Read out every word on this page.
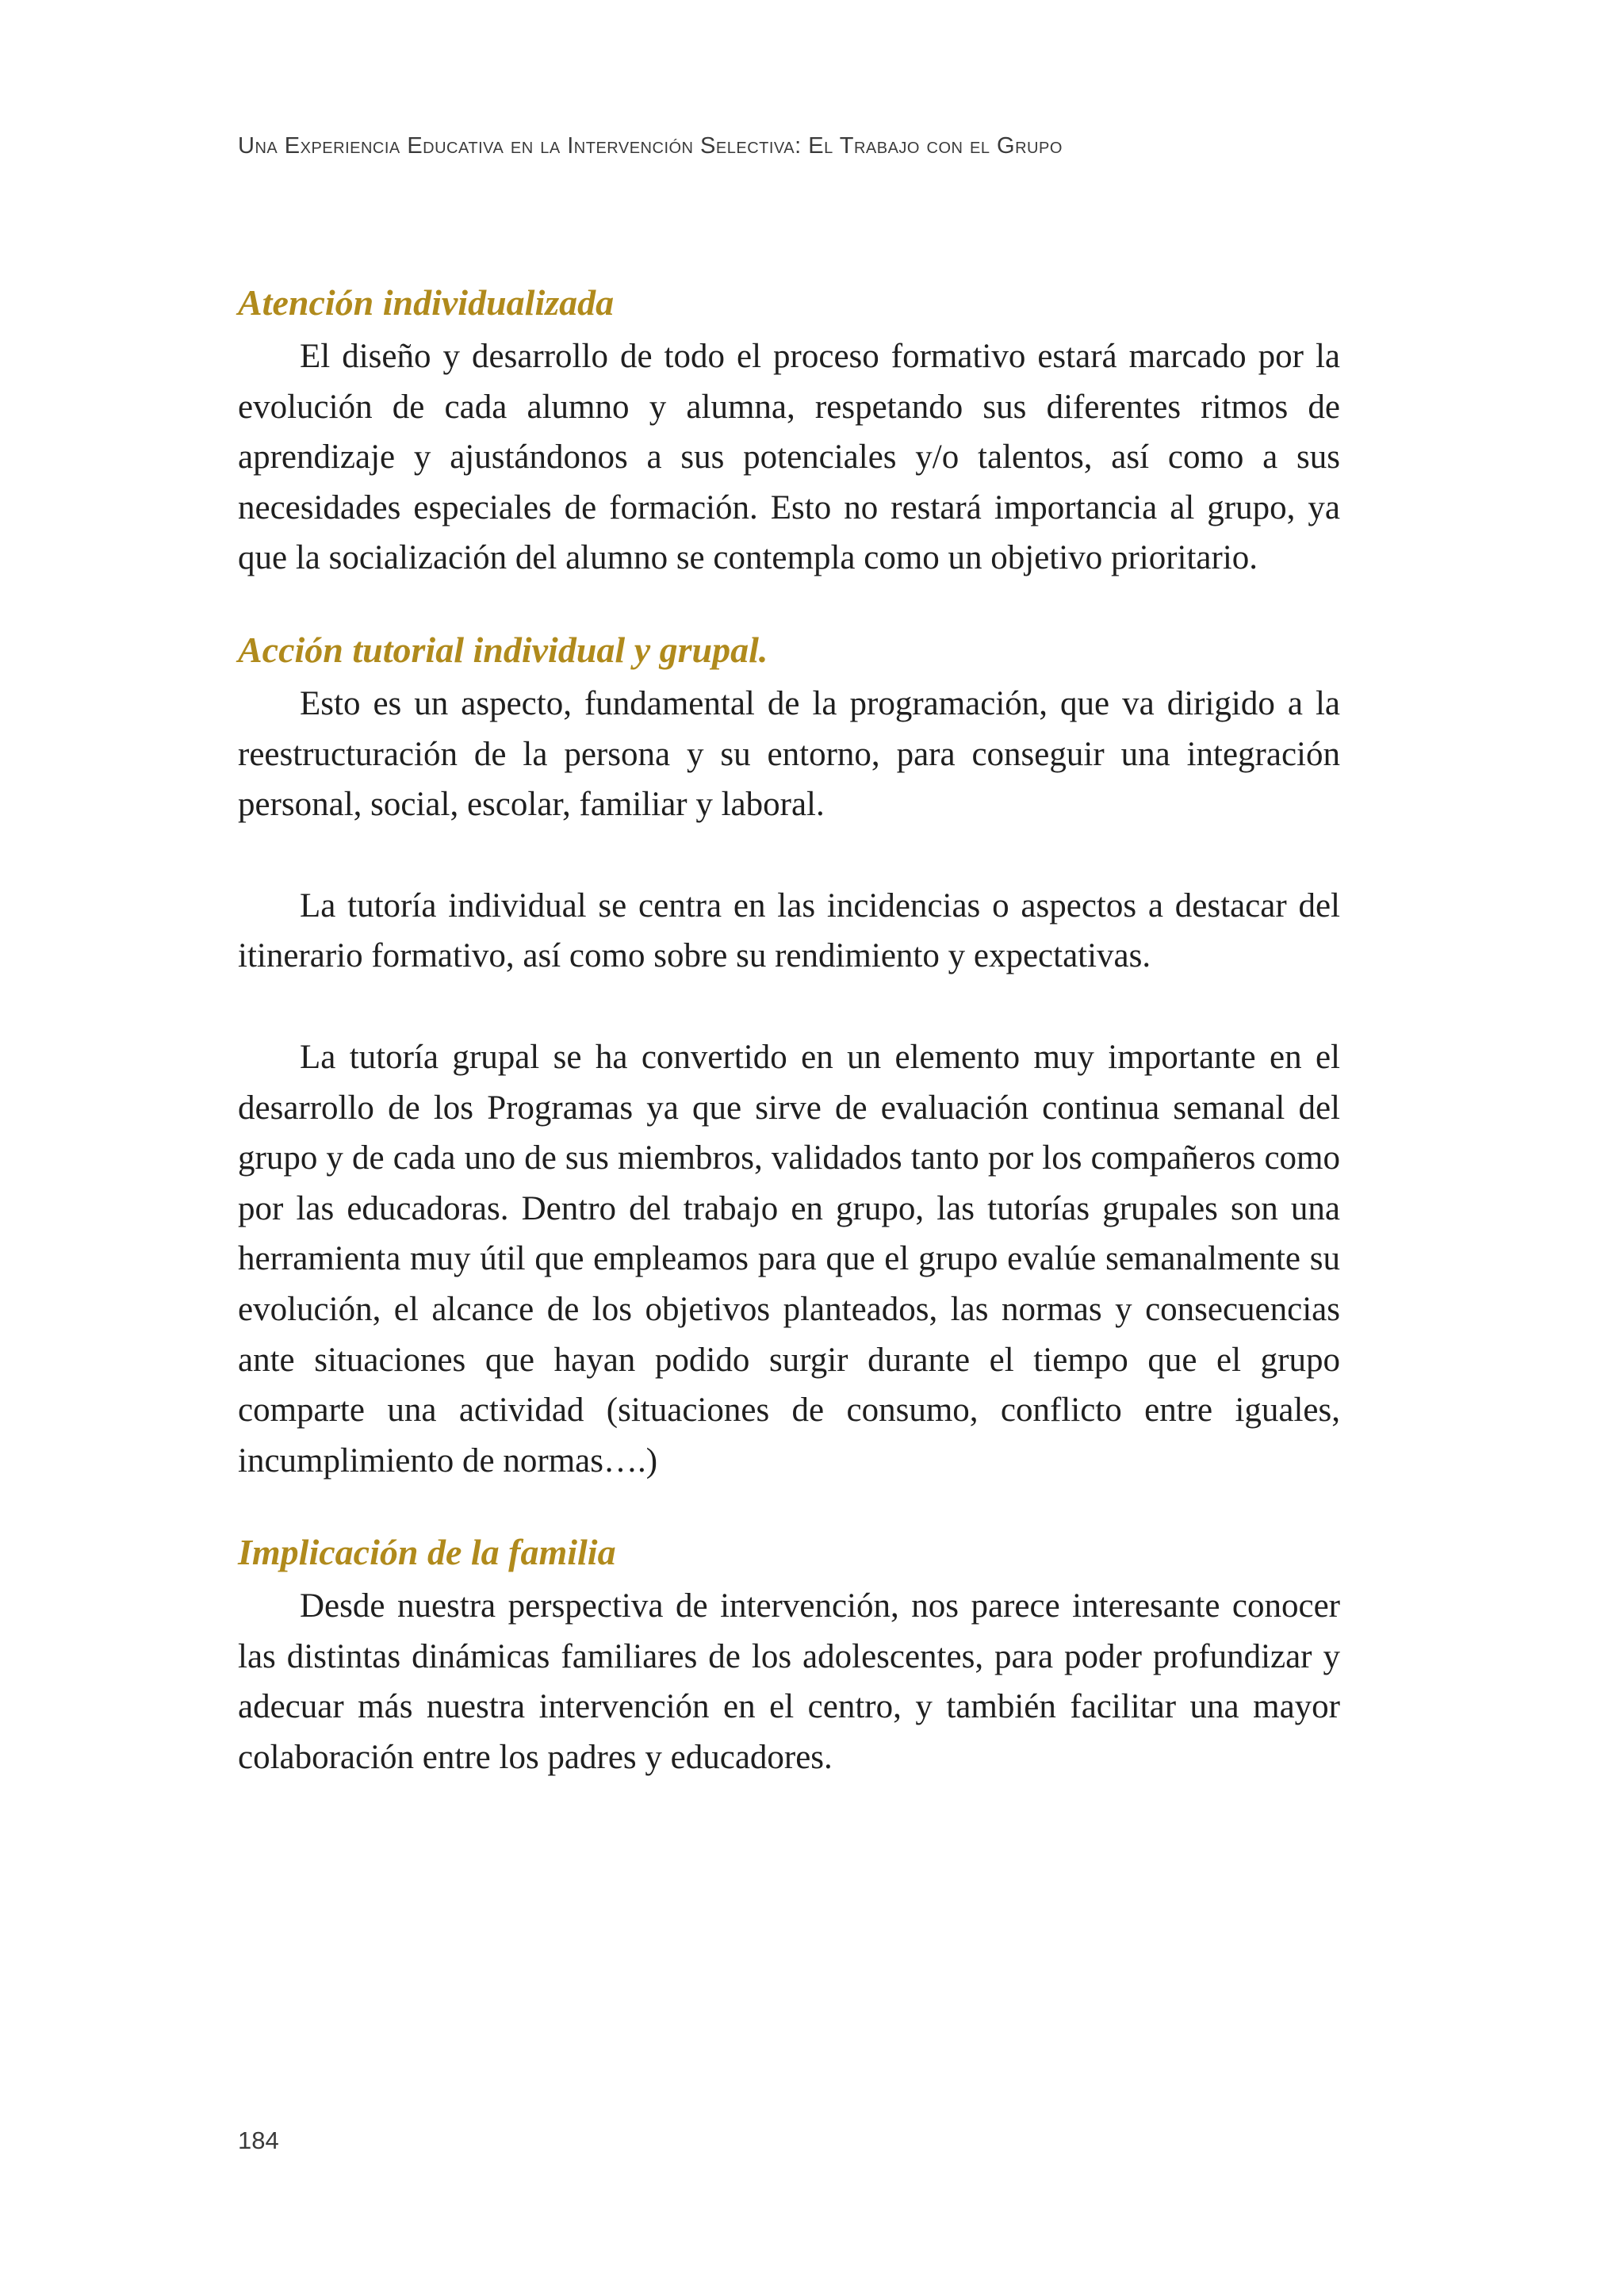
Una Experiencia Educativa en la Intervención Selectiva: El Trabajo con el Grupo
Atención individualizada

El diseño y desarrollo de todo el proceso formativo estará marcado por la evolución de cada alumno y alumna, respetando sus diferentes ritmos de aprendizaje y ajustándonos a sus potenciales y/o talentos, así como a sus necesidades especiales de formación. Esto no restará importancia al grupo, ya que la socialización del alumno se contempla como un objetivo prioritario.

Acción tutorial individual y grupal.

Esto es un aspecto, fundamental de la programación, que va dirigido a la reestructuración de la persona y su entorno, para conseguir una integración personal, social, escolar, familiar y laboral.

La tutoría individual se centra en las incidencias o aspectos a destacar del itinerario formativo, así como sobre su rendimiento y expectativas.

La tutoría grupal se ha convertido en un elemento muy importante en el desarrollo de los Programas ya que sirve de evaluación continua semanal del grupo y de cada uno de sus miembros, validados tanto por los compañeros como por las educadoras. Dentro del trabajo en grupo, las tutorías grupales son una herramienta muy útil que empleamos para que el grupo evalúe semanalmente su evolución, el alcance de los objetivos planteados, las normas y consecuencias ante situaciones que hayan podido surgir durante el tiempo que el grupo comparte una actividad (situaciones de consumo, conflicto entre iguales, incumplimiento de normas….)

Implicación de la familia

Desde nuestra perspectiva de intervención, nos parece interesante conocer las distintas dinámicas familiares de los adolescentes, para poder profundizar y adecuar más nuestra intervención en el centro, y también facilitar una mayor colaboración entre los padres y educadores.

184
